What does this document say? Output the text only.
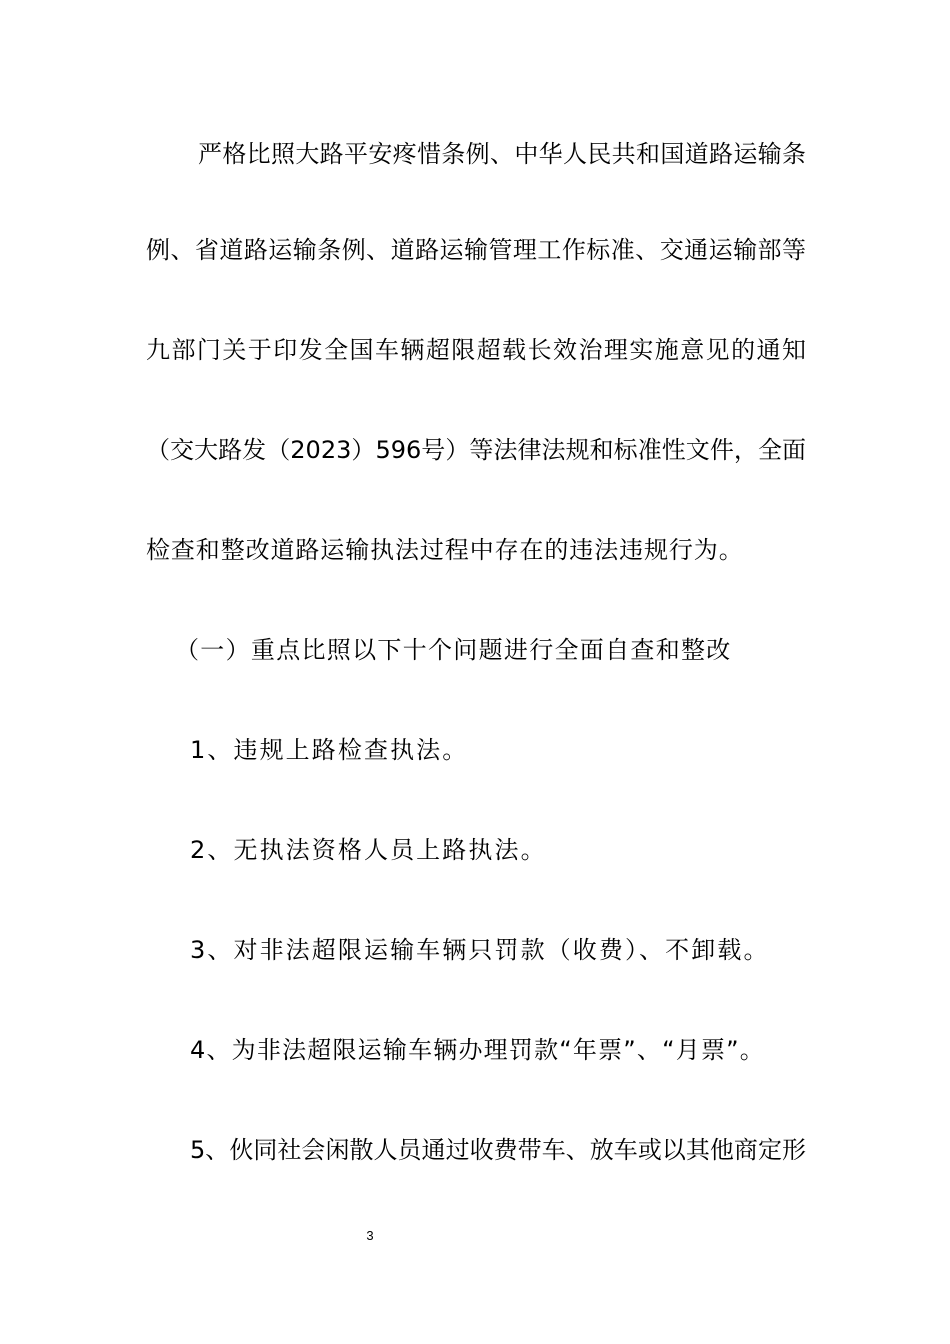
严格比照大路平安疼惜条例、中华人民共和国道路运输条
例、省道路运输条例、道路运输管理工作标准、交通运输部等
九部门关于印发全国车辆超限超载长效治理实施意见的通知
（交大路发（2023）596号）等法律法规和标准性文件，全面
检查和整改道路运输执法过程中存在的违法违规行为。
（一）重点比照以下十个问题进行全面自查和整改
1、违规上路检查执法。
2、无执法资格人员上路执法。
3、对非法超限运输车辆只罚款（收费）、不卸载。
4、为非法超限运输车辆办理罚款“年票”、“月票”。
5、伙同社会闲散人员通过收费带车、放车或以其他商定形
3
